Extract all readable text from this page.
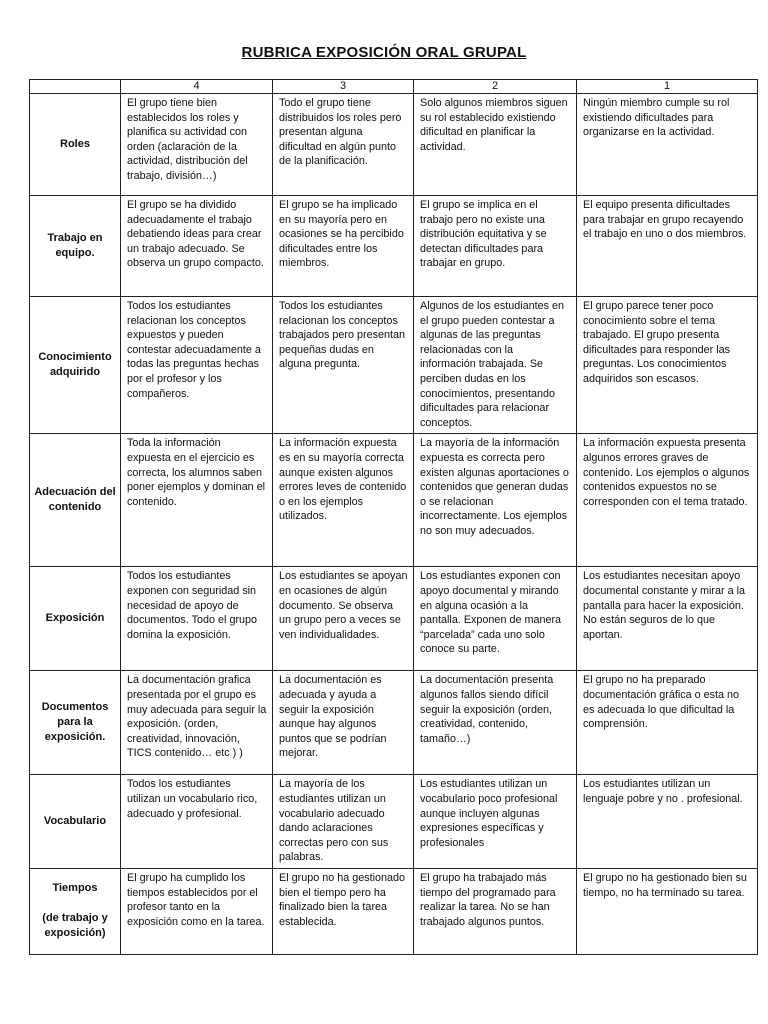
RUBRICA EXPOSICIÓN ORAL GRUPAL
	4	3	2	1
Roles	El grupo tiene bien establecidos los roles y planifica su actividad con orden (aclaración de la actividad, distribución del trabajo, división…)	Todo el grupo tiene distribuidos los roles pero presentan alguna dificultad en algún punto de la planificación.	Solo algunos miembros siguen su rol establecido existiendo dificultad en planificar la actividad.	Ningún miembro cumple su rol existiendo dificultades para organizarse en la actividad.
Trabajo en equipo.	El grupo se ha dividido adecuadamente el trabajo debatiendo ideas para crear un trabajo adecuado. Se observa un grupo compacto.	El grupo se ha implicado en su mayoría pero en ocasiones se ha percibido dificultades entre los miembros.	El grupo se implica en el trabajo pero no existe una distribución equitativa y se detectan dificultades para trabajar en grupo.	El equipo presenta dificultades para trabajar en grupo recayendo el trabajo en uno o dos miembros.
Conocimiento adquirido	Todos los estudiantes relacionan los conceptos expuestos y pueden contestar adecuadamente a todas las preguntas hechas por el profesor y los compañeros.	Todos los estudiantes relacionan los conceptos trabajados pero presentan pequeñas dudas en alguna pregunta.	Algunos de los estudiantes en el grupo pueden contestar a algunas de las preguntas relacionadas con la información trabajada. Se perciben dudas en los conocimientos, presentando dificultades para relacionar conceptos.	El grupo parece tener poco conocimiento sobre el tema trabajado. El grupo presenta dificultades para responder las preguntas. Los conocimientos adquiridos son escasos.
Adecuación del contenido	Toda la información expuesta en el ejercicio es correcta, los alumnos saben poner ejemplos y dominan el contenido.	La información expuesta es en su mayoría correcta aunque existen algunos errores leves de contenido o en los ejemplos utilizados.	La mayoría de la información expuesta es correcta pero existen algunas aportaciones o contenidos que generan dudas o se relacionan incorrectamente. Los ejemplos no son muy adecuados.	La información expuesta presenta algunos errores graves de contenido. Los ejemplos o algunos contenidos expuestos no se corresponden con el tema tratado.
Exposición	Todos los estudiantes exponen con seguridad sin necesidad de apoyo de documentos. Todo el grupo domina la exposición.	Los estudiantes se apoyan en ocasiones de algún documento. Se observa un grupo pero a veces se ven individualidades.	Los estudiantes exponen con apoyo documental y mirando en alguna ocasión a la pantalla. Exponen de manera “parcelada” cada uno solo conoce su parte.	Los estudiantes necesitan apoyo documental constante y mirar a la pantalla para hacer la exposición. No están seguros de lo que aportan.
Documentos para la exposición.	La documentación grafica presentada por el grupo es muy adecuada para seguir la exposición. (orden, creatividad, innovación, TICS contenido… etc ) )	La documentación es adecuada y ayuda a seguir la exposición aunque hay algunos puntos que se podrían mejorar.	La documentación presenta algunos fallos siendo difícil seguir la exposición (orden, creatividad, contenido, tamaño…)	El grupo no ha preparado documentación gráfica o esta no es adecuada lo que dificultad la comprensión.
Vocabulario	Todos los estudiantes utilizan un vocabulario rico, adecuado y profesional.	La mayoría de los estudiantes utilizan un vocabulario adecuado dando aclaraciones correctas pero con sus palabras.	Los estudiantes utilizan un vocabulario poco profesional aunque incluyen algunas expresiones específicas y profesionales	Los estudiantes utilizan un lenguaje pobre y no . profesional.
Tiempos

(de trabajo y exposición)	El grupo ha cumplido los tiempos establecidos por el profesor tanto en la exposición como en la tarea.	El grupo no ha gestionado bien el tiempo pero ha finalizado bien la tarea establecida.	El grupo ha trabajado más tiempo del programado para realizar la tarea. No se han trabajado algunos puntos.	El grupo no ha gestionado bien su tiempo, no ha terminado su tarea.
